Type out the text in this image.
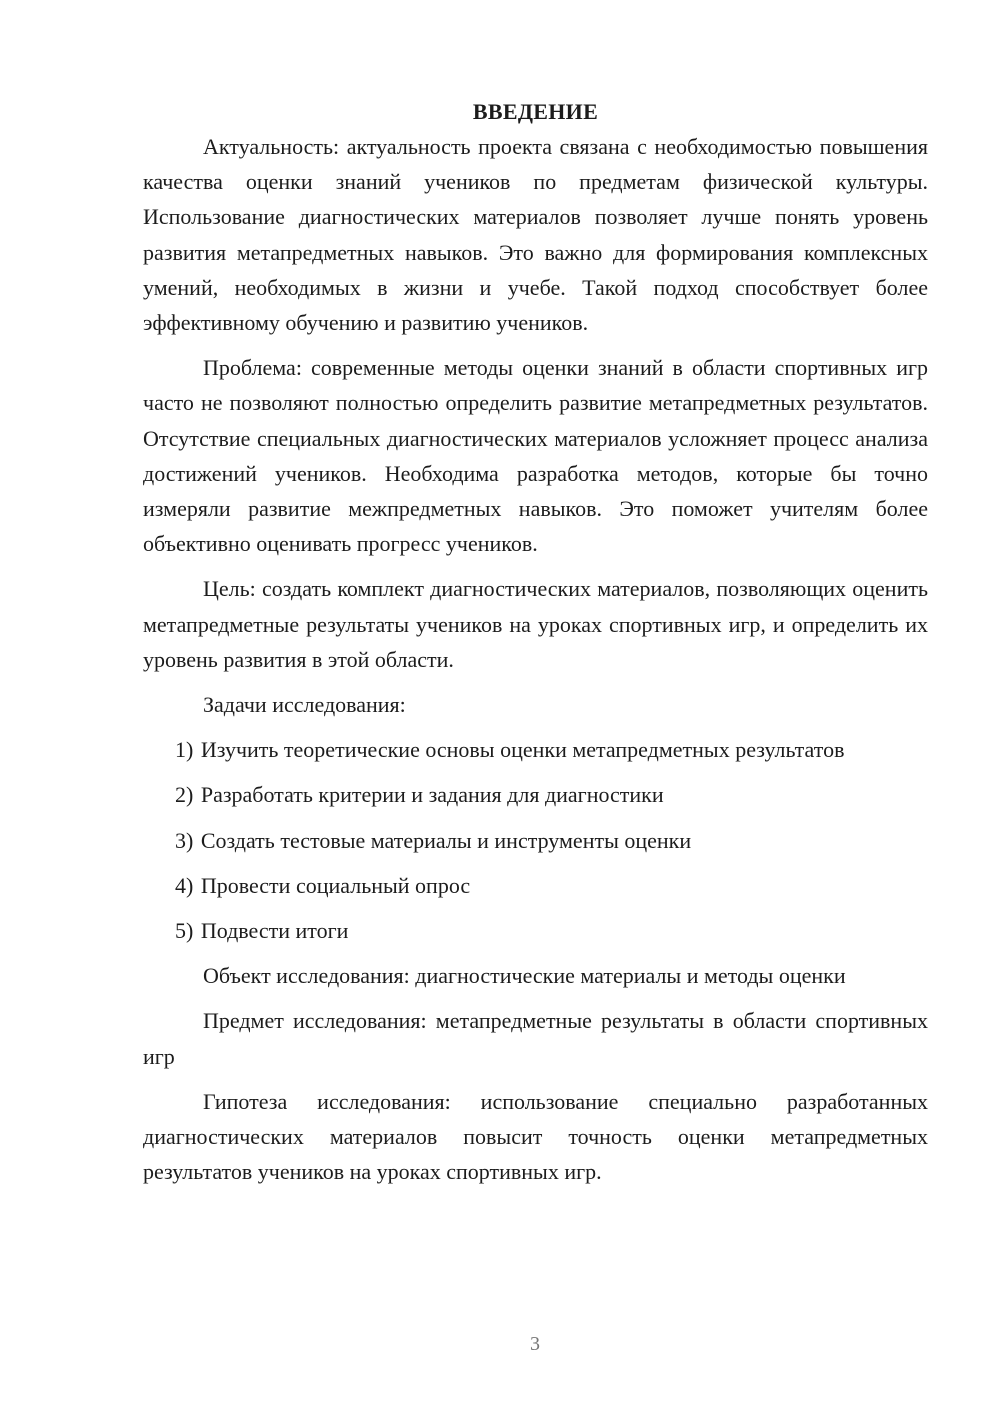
ВВЕДЕНИЕ

Актуальность: актуальность проекта связана с необходимостью повышения качества оценки знаний учеников по предметам физической культуры. Использование диагностических материалов позволяет лучше понять уровень развития метапредметных навыков. Это важно для формирования комплексных умений, необходимых в жизни и учебе. Такой подход способствует более эффективному обучению и развитию учеников.

Проблема: современные методы оценки знаний в области спортивных игр часто не позволяют полностью определить развитие метапредметных результатов. Отсутствие специальных диагностических материалов усложняет процесс анализа достижений учеников. Необходима разработка методов, которые бы точно измеряли развитие межпредметных навыков. Это поможет учителям более объективно оценивать прогресс учеников.

Цель: создать комплект диагностических материалов, позволяющих оценить метапредметные результаты учеников на уроках спортивных игр, и определить их уровень развития в этой области.

Задачи исследования:

1) Изучить теоретические основы оценки метапредметных результатов
2) Разработать критерии и задания для диагностики
3) Создать тестовые материалы и инструменты оценки
4) Провести социальный опрос
5) Подвести итоги

Объект исследования: диагностические материалы и методы оценки

Предмет исследования: метапредметные результаты в области спортивных игр

Гипотеза исследования: использование специально разработанных диагностических материалов повысит точность оценки метапредметных результатов учеников на уроках спортивных игр.

3
